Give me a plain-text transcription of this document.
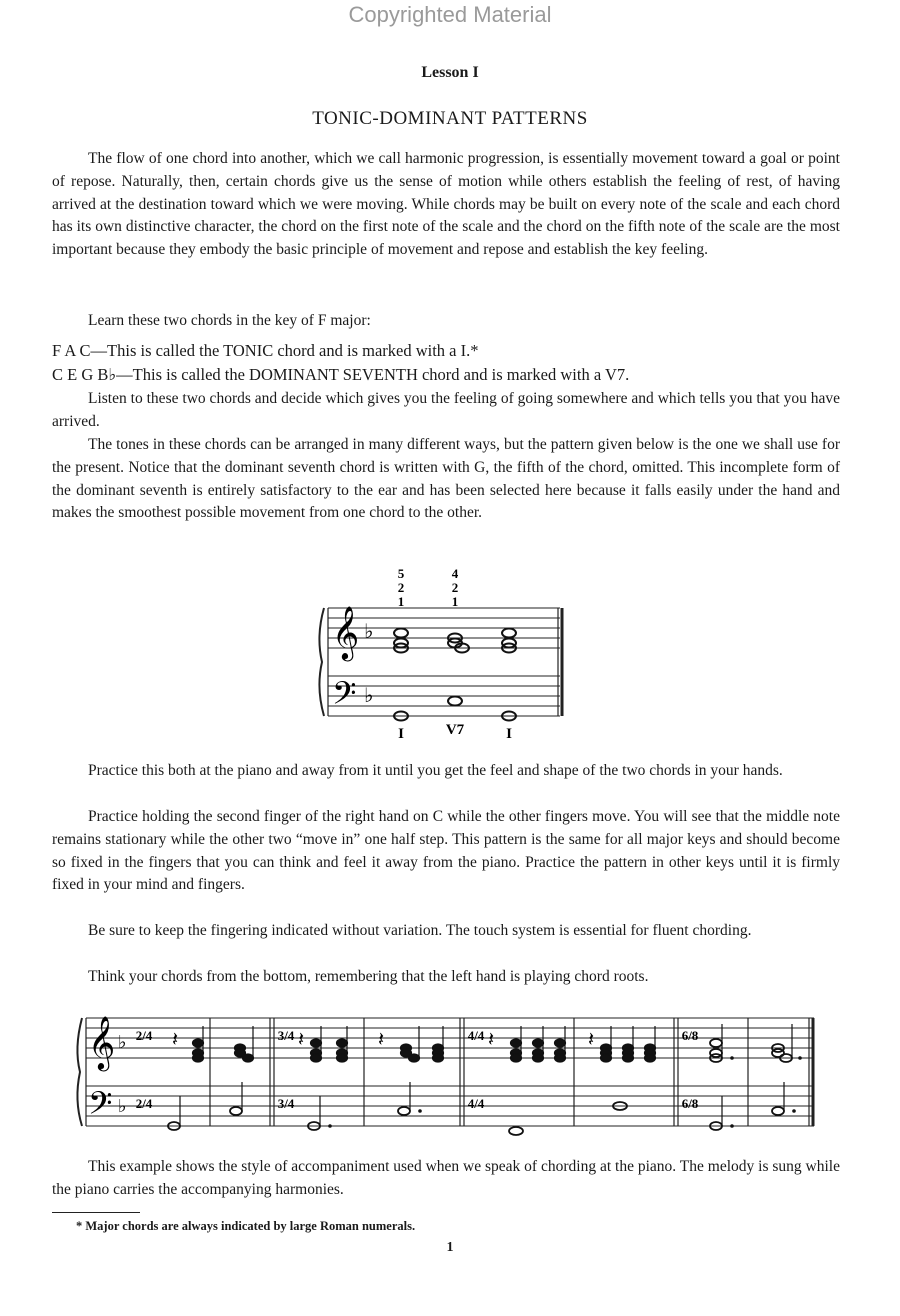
Copyrighted Material
Lesson I
TONIC-DOMINANT PATTERNS

The flow of one chord into another, which we call harmonic progression, is essentially movement toward a goal or point of repose. Naturally, then, certain chords give us the sense of motion while others establish the feeling of rest, of having arrived at the destination toward which we were moving. While chords may be built on every note of the scale and each chord has its own distinctive character, the chord on the first note of the scale and the chord on the fifth note of the scale are the most important because they embody the basic principle of movement and repose and establish the key feeling.

Learn these two chords in the key of F major:

F A C—This is called the TONIC chord and is marked with a I.*

C E G B♭—This is called the DOMINANT SEVENTH chord and is marked with a V7.

Listen to these two chords and decide which gives you the feeling of going somewhere and which tells you that you have arrived.

The tones in these chords can be arranged in many different ways, but the pattern given below is the one we shall use for the present. Notice that the dominant seventh chord is written with G, the fifth of the chord, omitted. This incomplete form of the dominant seventh is entirely satisfactory to the ear and has been selected here because it falls easily under the hand and makes the smoothest possible movement from one chord to the other.

5
2
1
4
2
1
𝄞
𝄢
♭
♭
I	V7	I

Practice this both at the piano and away from it until you get the feel and shape of the two chords in your hands.

Practice holding the second finger of the right hand on C while the other fingers move. You will see that the middle note remains stationary while the other two “move in” one half step. This pattern is the same for all major keys and should become so fixed in the fingers that you can think and feel it away from the piano. Practice the pattern in other keys until it is firmly fixed in your mind and fingers.

Be sure to keep the fingering indicated without variation. The touch system is essential for fluent chording.

Think your chords from the bottom, remembering that the left hand is playing chord roots.

𝄞
𝄢
♭
♭
2/4
2/4
3/4
3/4
4/4
4/4
6/8
6/8
𝄽	𝄽	𝄽	𝄽	𝄽

This example shows the style of accompaniment used when we speak of chording at the piano. The melody is sung while the piano carries the accompanying harmonies.

* Major chords are always indicated by large Roman numerals.
1
